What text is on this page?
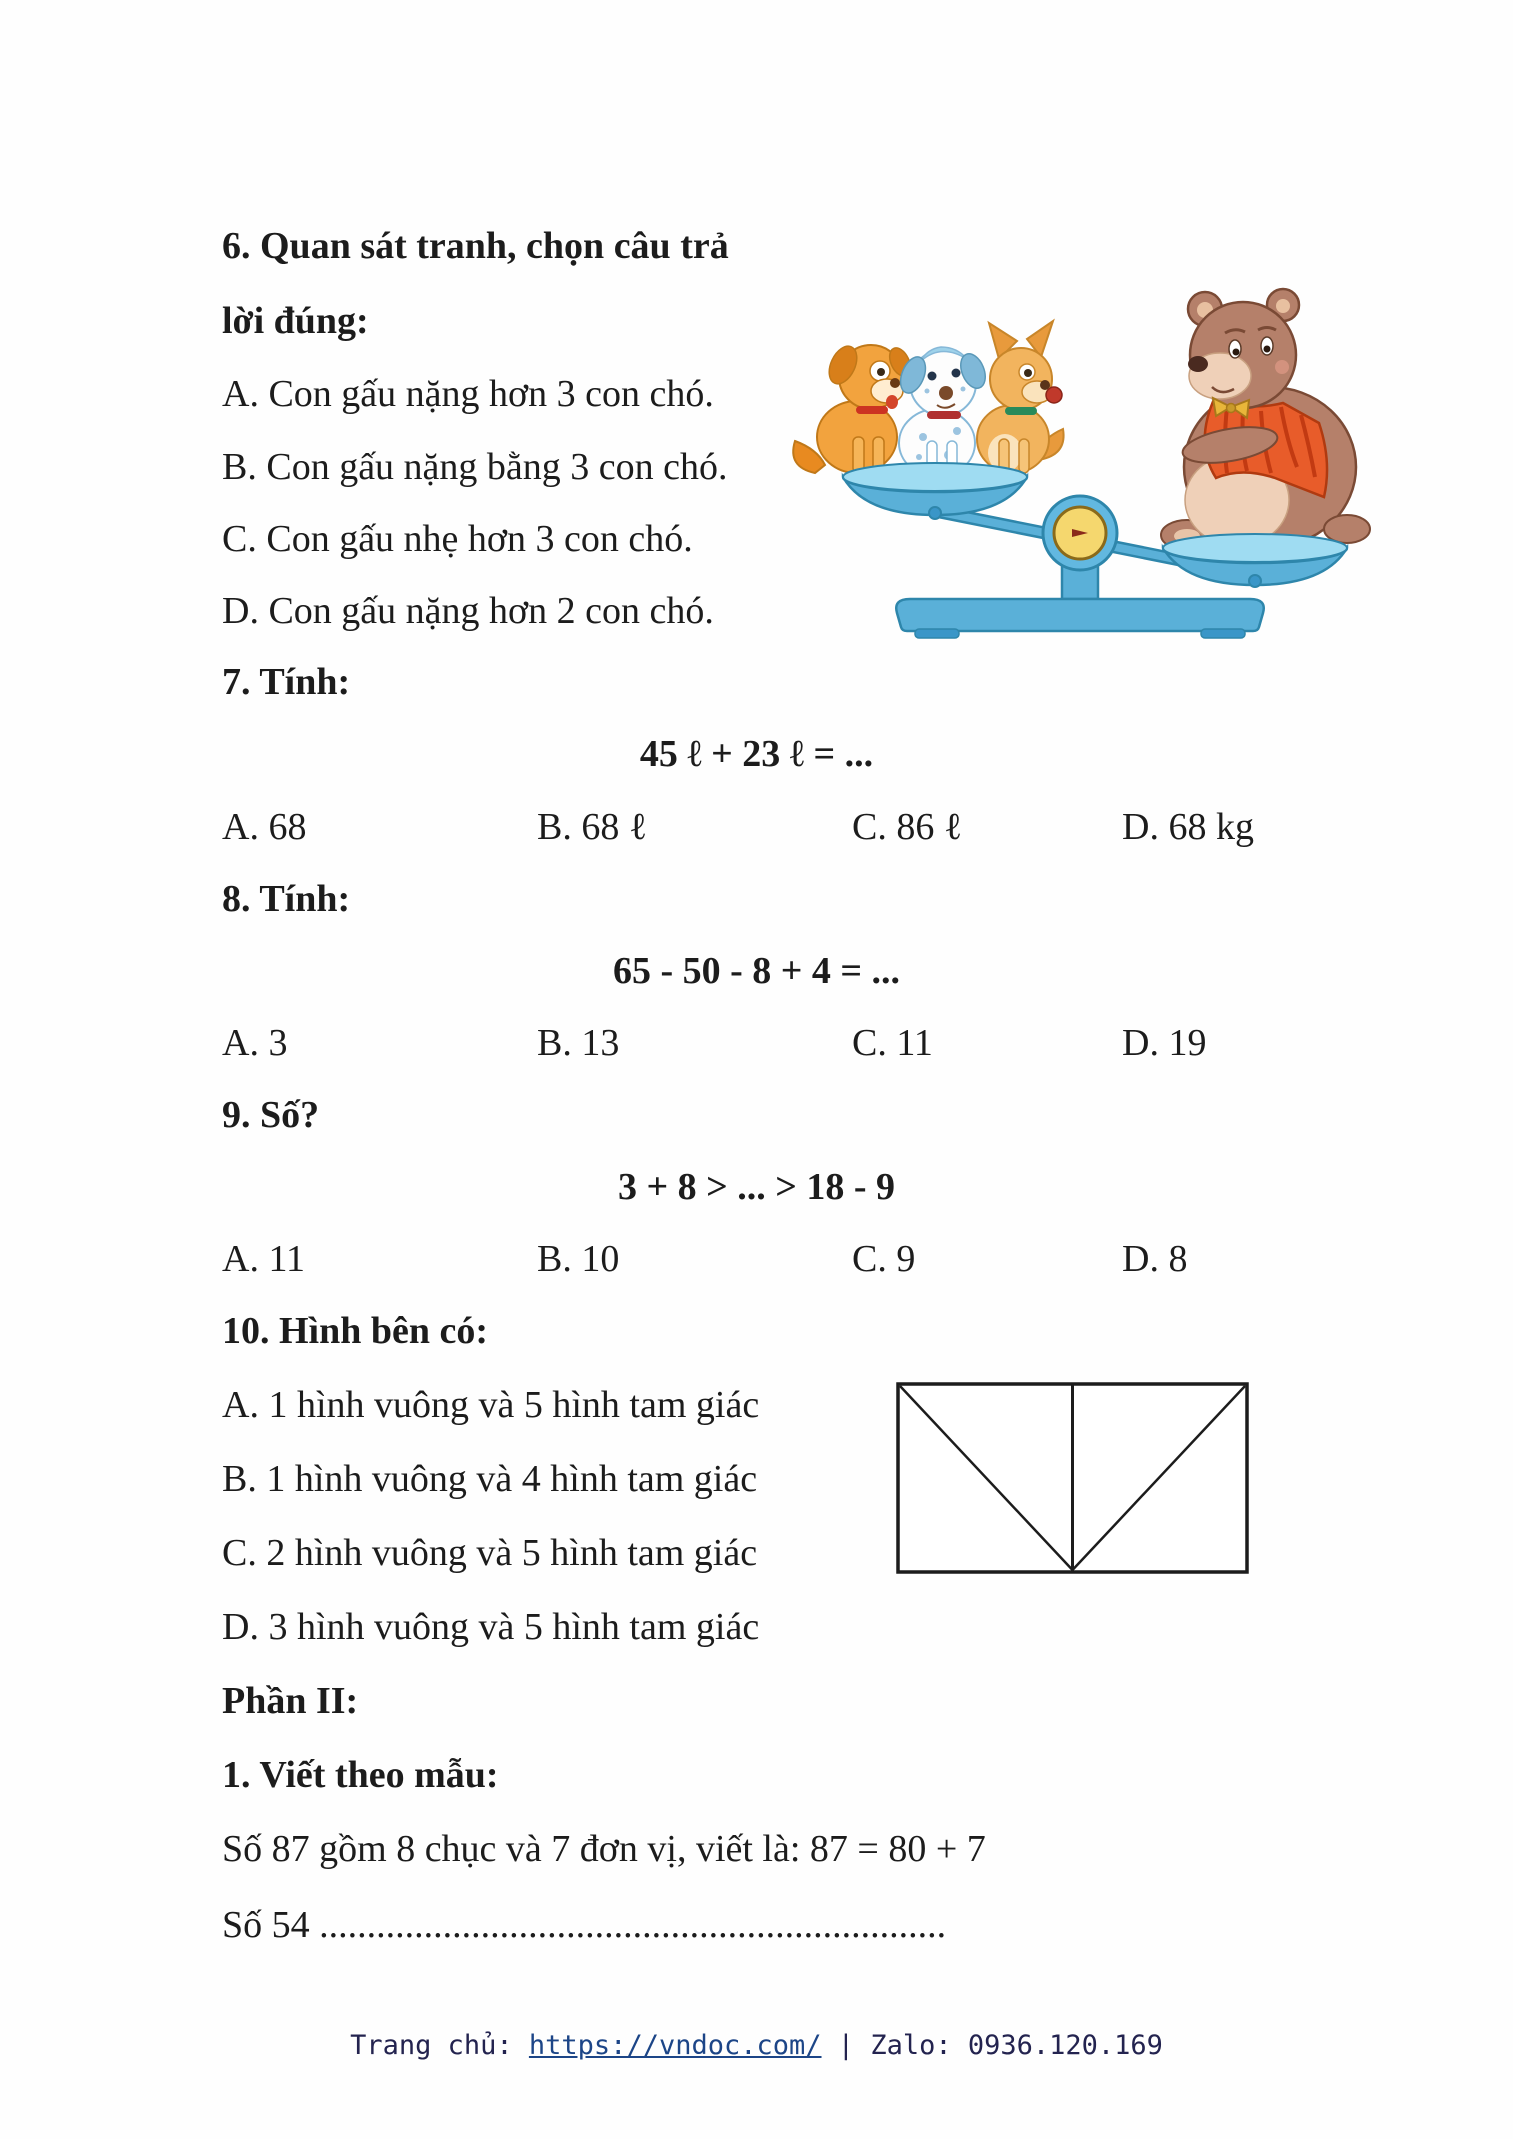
6. Quan sát tranh, chọn câu trả
lời đúng:
A. Con gấu nặng hơn 3 con chó.
B. Con gấu nặng bằng 3 con chó.
C. Con gấu nhẹ hơn 3 con chó.
D. Con gấu nặng hơn 2 con chó.
7. Tính:
45 ℓ + 23 ℓ = ...
A. 68	B. 68 ℓ	C. 86 ℓ	D. 68 kg
8. Tính:
65 - 50 - 8 + 4 = ...
A. 3	B. 13	C. 11	D. 19
9. Số?
3 + 8 > ... > 18 - 9
A. 11	B. 10	C. 9	D. 8
10. Hình bên có:
A. 1 hình vuông và 5 hình tam giác
B. 1 hình vuông và 4 hình tam giác
C. 2 hình vuông và 5 hình tam giác
D. 3 hình vuông và 5 hình tam giác
Phần II:
1. Viết theo mẫu:
Số 87 gồm 8 chục và 7 đơn vị, viết là: 87 = 80 + 7
Số 54 ..................................................................
Trang chủ: https://vndoc.com/ | Zalo: 0936.120.169
